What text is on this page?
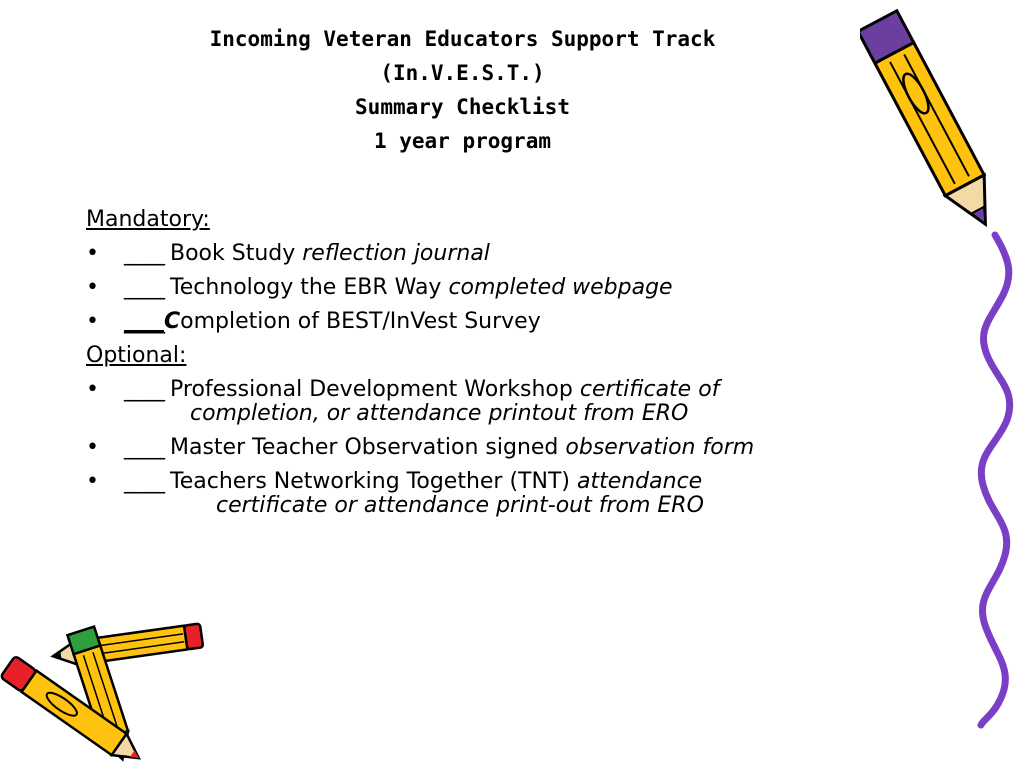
Incoming Veteran Educators Support Track
(In.V.E.S.T.)
Summary Checklist
1 year program
Mandatory:
•	____ Book Study reflection journal
•	____ Technology the EBR Way completed webpage
•	____Completion of BEST/InVest Survey
Optional:
•	____ Professional Development Workshop certificate of
completion, or attendance printout from ERO
•	____ Master Teacher Observation signed observation form
•	____ Teachers Networking Together (TNT) attendance
certificate or attendance print-out from ERO
